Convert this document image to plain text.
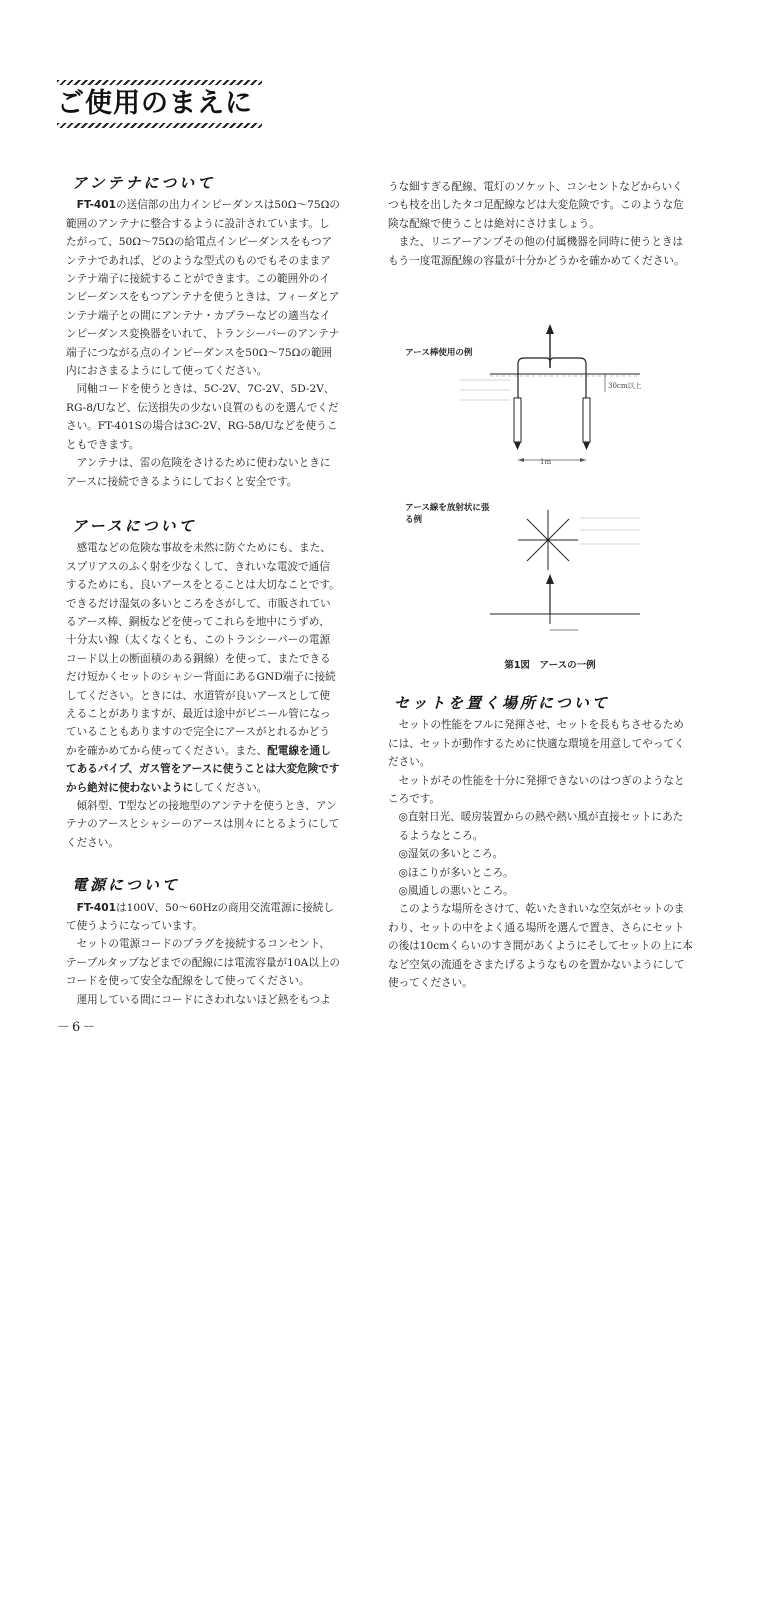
ご使用のまえに
アンテナについて

FT-401の送信部の出力インピーダンスは50Ω～75Ωの範囲のアンテナに整合するように設計されています。したがって、50Ω～75Ωの給電点インピーダンスをもつアンテナであれば、どのような型式のものでもそのままアンテナ端子に接続することができます。この範囲外のインピーダンスをもつアンテナを使うときは、フィーダとアンテナ端子との間にアンテナ・カプラーなどの適当なインピーダンス変換器をいれて、トランシーバーのアンテナ端子につながる点のインピーダンスを50Ω～75Ωの範囲内におさまるようにして使ってください。

同軸コードを使うときは、5C-2V、7C-2V、5D-2V、RG-8/Uなど、伝送損失の少ない良質のものを選んでください。FT-401Sの場合は3C-2V、RG-58/Uなどを使うこともできます。

アンテナは、雷の危険をさけるために使わないときにアースに接続できるようにしておくと安全です。

アースについて

感電などの危険な事故を未然に防ぐためにも、また、スプリアスのふく射を少なくして、きれいな電波で通信するためにも、良いアースをとることは大切なことです。できるだけ湿気の多いところをさがして、市販されているアース棒、銅板などを使ってこれらを地中にうずめ、十分太い線（太くなくとも、このトランシーバーの電源コード以上の断面積のある銅線）を使って、またできるだけ短かくセットのシャシー背面にあるGND端子に接続してください。ときには、水道管が良いアースとして使えることがありますが、最近は途中がビニール管になっていることもありますので完全にアースがとれるかどうかを確かめてから使ってください。また、配電線を通してあるパイプ、ガス管をアースに使うことは大変危険ですから絶対に使わないようにしてください。

傾斜型、T型などの接地型のアンテナを使うとき、アンテナのアースとシャシーのアースは別々にとるようにしてください。

電源について

FT-401は100V、50～60Hzの商用交流電源に接続して使うようになっています。

セットの電源コードのプラグを接続するコンセント、テーブルタップなどまでの配線には電流容量が10A以上のコードを使って安全な配線をして使ってください。

運用している間にコードにさわれないほど熱をもつよ

－6－

うな細すぎる配線、電灯のソケット、コンセントなどからいくつも枝を出したタコ足配線などは大変危険です。このような危険な配線で使うことは絶対にさけましょう。

また、リニアーアンプその他の付属機器を同時に使うときはもう一度電源配線の容量が十分かどうかを確かめてください。

30cm以上
1m
アース棒使用の例
アース線を放射状に張る例
第1図　アースの一例
セットを置く場所について

セットの性能をフルに発揮させ、セットを長もちさせるためには、セットが動作するために快適な環境を用意してやってください。

セットがその性能を十分に発揮できないのはつぎのようなところです。

◎直射日光、暖房装置からの熱や熱い風が直接セットにあたるようなところ。

◎湿気の多いところ。

◎ほこりが多いところ。

◎風通しの悪いところ。

このような場所をさけて、乾いたきれいな空気がセットのまわり、セットの中をよく通る場所を選んで置き、さらにセットの後は10cmくらいのすき間があくようにそしてセットの上に本など空気の流通をさまたげるようなものを置かないようにして使ってください。
